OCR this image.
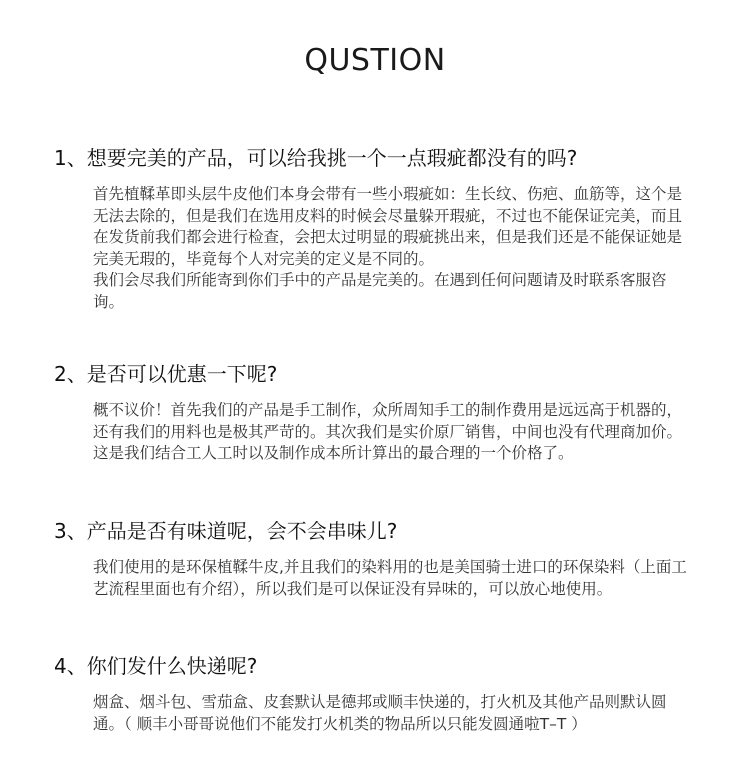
QUSTION
1、想要完美的产品，可以给我挑一个一点瑕疵都没有的吗?

首先植鞣革即头层牛皮他们本身会带有一些小瑕疵如：生长纹、伤疤、血筋等，这个是无法去除的，但是我们在选用皮料的时候会尽量躲开瑕疵，不过也不能保证完美，而且在发货前我们都会进行检查，会把太过明显的瑕疵挑出来，但是我们还是不能保证她是完美无瑕的，毕竟每个人对完美的定义是不同的。

我们会尽我们所能寄到你们手中的产品是完美的。在遇到任何问题请及时联系客服咨询。

2、是否可以优惠一下呢?

概不议价！首先我们的产品是手工制作，众所周知手工的制作费用是远远高于机器的，还有我们的用料也是极其严苛的。其次我们是实价原厂销售，中间也没有代理商加价。这是我们结合工人工时以及制作成本所计算出的最合理的一个价格了。

3、产品是否有味道呢，会不会串味儿?

我们使用的是环保植鞣牛皮,并且我们的染料用的也是美国骑士进口的环保染料（上面工艺流程里面也有介绍），所以我们是可以保证没有异味的，可以放心地使用。

4、你们发什么快递呢?

烟盒、烟斗包、雪茄盒、皮套默认是德邦或顺丰快递的，打火机及其他产品则默认圆通。（ 顺丰小哥哥说他们不能发打火机类的物品所以只能发圆通啦T–T ）
